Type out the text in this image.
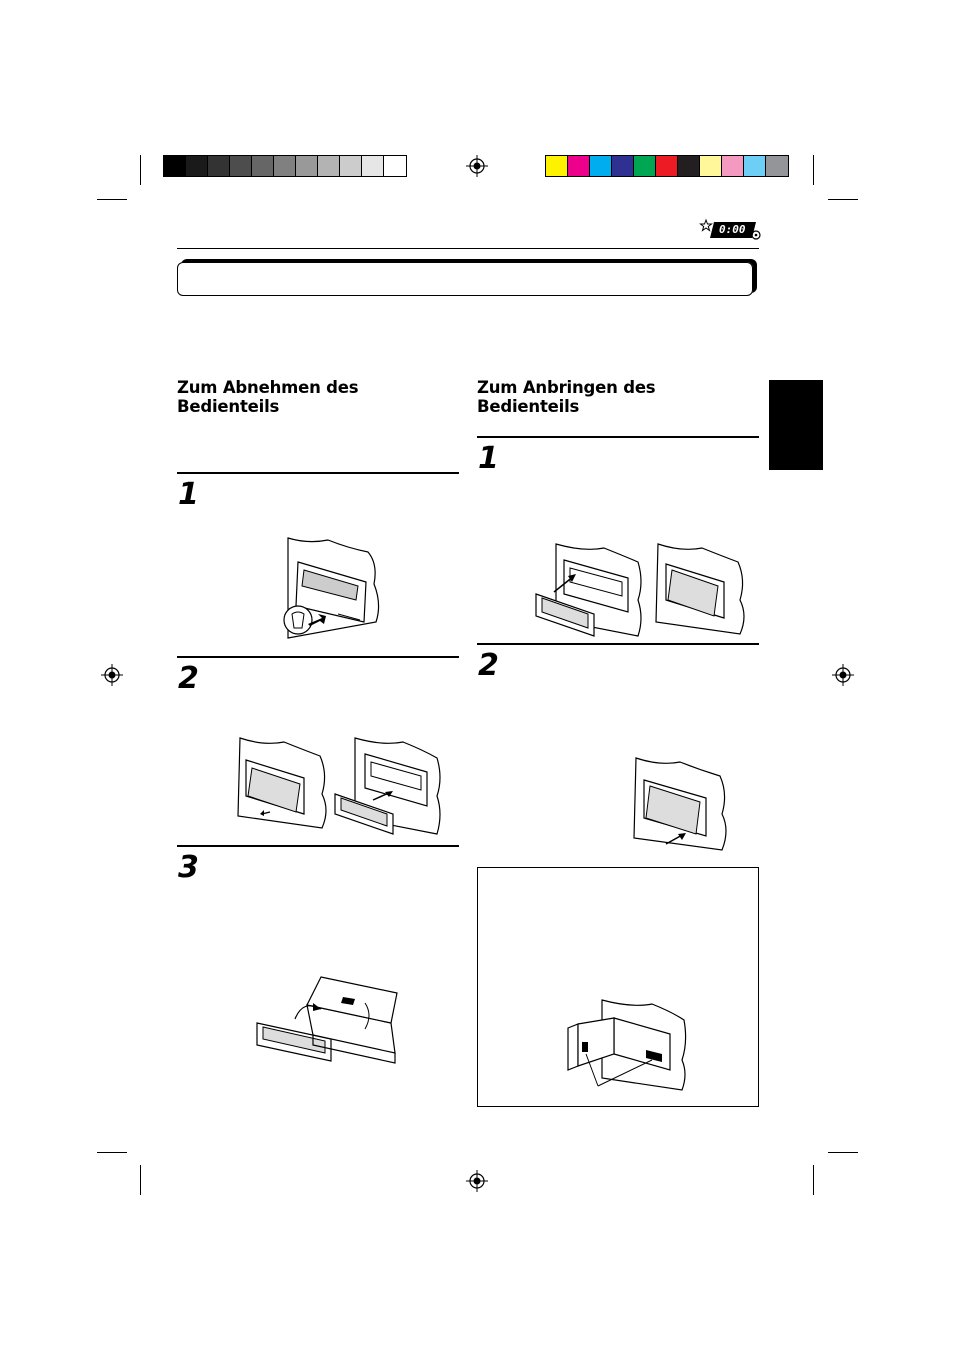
0:00
Zum Abnehmen des Bedienteils
1
2
3
Zum Anbringen des Bedienteils
1
2
